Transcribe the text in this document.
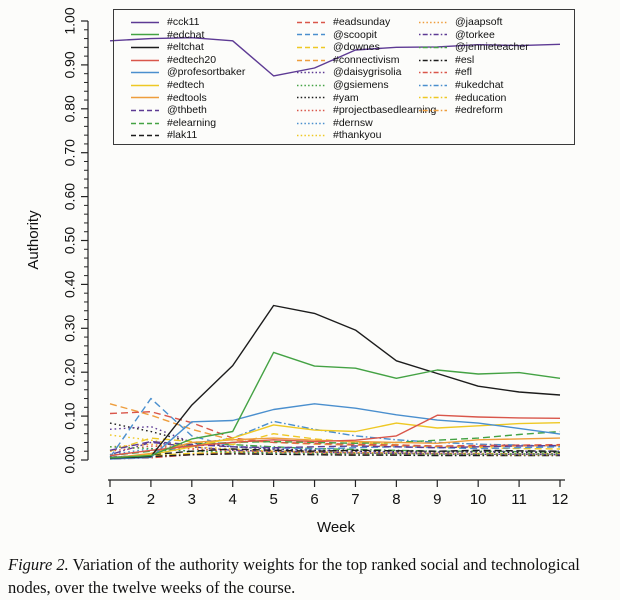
0.00
0.10
0.20
0.30
0.40
0.50
0.60
0.70
0.80
0.90
1.00
Authority
1 2 3 4 5 6 7 8 9 10 11 12
Week
#cck11
#edchat
#eltchat
#edtech20
@profesortbaker
#edtech
#edtools
@thbeth
#elearning
#lak11
#eadsunday
@scoopit
@downes
#connectivism
@daisygrisolia
@gsiemens
#yam
#projectbasedlearning
#dernsw
#thankyou
@jaapsoft
@torkee
@jennieteacher
#esl
#efl
#ukedchat
#education
#edreform
Figure 2. Variation of the authority weights for the top ranked social and technological nodes, over the twelve weeks of the course.
